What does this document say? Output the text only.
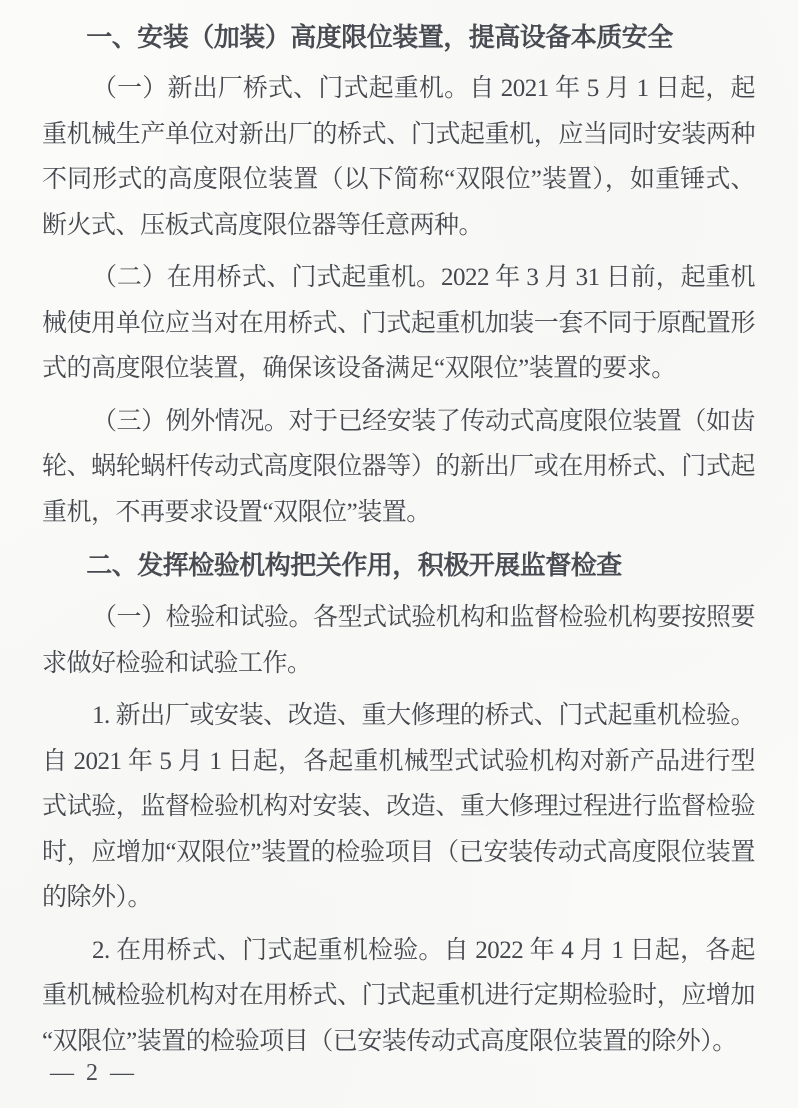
一、安装（加装）高度限位装置，提高设备本质安全

（一）新出厂桥式、门式起重机。自 2021 年 5 月 1 日起，起重机械生产单位对新出厂的桥式、门式起重机，应当同时安装两种不同形式的高度限位装置（以下简称“双限位”装置），如重锤式、断火式、压板式高度限位器等任意两种。

（二）在用桥式、门式起重机。2022 年 3 月 31 日前，起重机械使用单位应当对在用桥式、门式起重机加装一套不同于原配置形式的高度限位装置，确保该设备满足“双限位”装置的要求。

（三）例外情况。对于已经安装了传动式高度限位装置（如齿轮、蜗轮蜗杆传动式高度限位器等）的新出厂或在用桥式、门式起重机，不再要求设置“双限位”装置。

二、发挥检验机构把关作用，积极开展监督检查

（一）检验和试验。各型式试验机构和监督检验机构要按照要求做好检验和试验工作。

1. 新出厂或安装、改造、重大修理的桥式、门式起重机检验。自 2021 年 5 月 1 日起，各起重机械型式试验机构对新产品进行型式试验，监督检验机构对安装、改造、重大修理过程进行监督检验时，应增加“双限位”装置的检验项目（已安装传动式高度限位装置的除外）。

2. 在用桥式、门式起重机检验。自 2022 年 4 月 1 日起，各起重机械检验机构对在用桥式、门式起重机进行定期检验时，应增加“双限位”装置的检验项目（已安装传动式高度限位装置的除外）。

— 2 —
